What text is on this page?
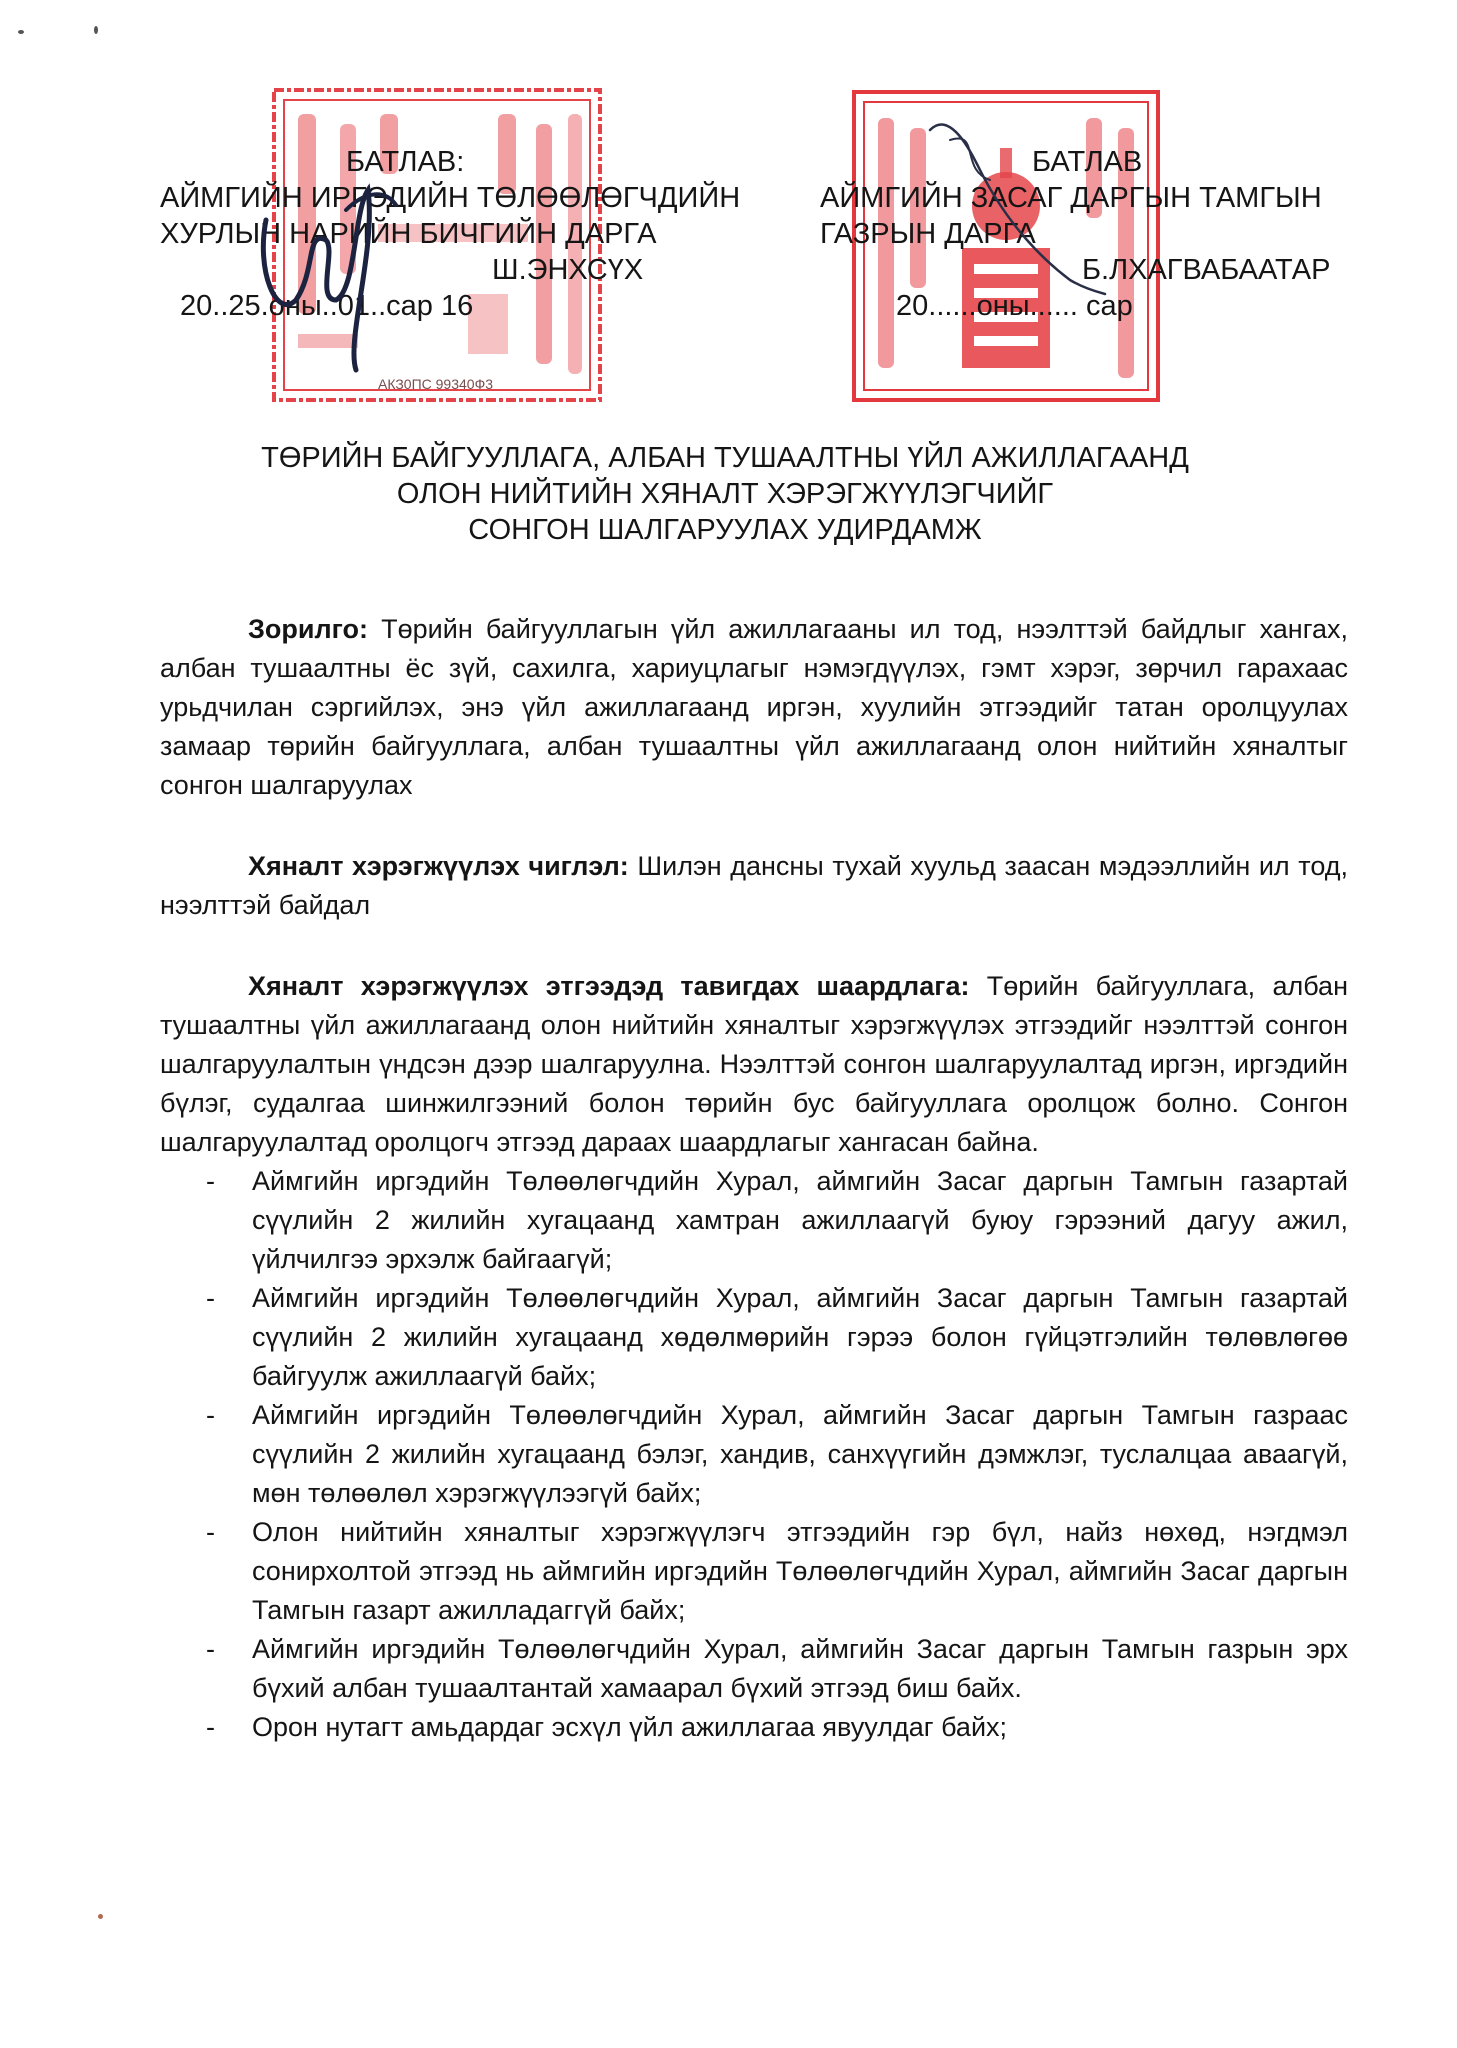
АКЗ0ПС 99340Ф3
БАТЛАВ:
АЙМГИЙН ИРГЭДИЙН ТӨЛӨӨЛӨГЧДИЙН
ХУРЛЫН НАРИЙН БИЧГИЙН ДАРГА
Ш.ЭНХСҮХ
20..25.оны..01..сар 16
БАТЛАВ
АЙМГИЙН ЗАСАГ ДАРГЫН ТАМГЫН
ГАЗРЫН ДАРГА
Б.ЛХАГВАБААТАР
20......оны...... сар
ТӨРИЙН БАЙГУУЛЛАГА, АЛБАН ТУШААЛТНЫ ҮЙЛ АЖИЛЛАГААНД
ОЛОН НИЙТИЙН ХЯНАЛТ ХЭРЭГЖҮҮЛЭГЧИЙГ
СОНГОН ШАЛГАРУУЛАХ УДИРДАМЖ

Зорилго: Төрийн байгууллагын үйл ажиллагааны ил тод, нээлттэй байдлыг хангах, албан тушаалтны ёс зүй, сахилга, хариуцлагыг нэмэгдүүлэх, гэмт хэрэг, зөрчил гарахаас урьдчилан сэргийлэх, энэ үйл ажиллагаанд иргэн, хуулийн этгээдийг татан оролцуулах замаар төрийн байгууллага, албан тушаалтны үйл ажиллагаанд олон нийтийн хяналтыг сонгон шалгаруулах

Хяналт хэрэгжүүлэх чиглэл: Шилэн дансны тухай хуульд заасан мэдээллийн ил тод, нээлттэй байдал

Хяналт хэрэгжүүлэх этгээдэд тавигдах шаардлага: Төрийн байгууллага, албан тушаалтны үйл ажиллагаанд олон нийтийн хяналтыг хэрэгжүүлэх этгээдийг нээлттэй сонгон шалгаруулалтын үндсэн дээр шалгаруулна. Нээлттэй сонгон шалгаруулалтад иргэн, иргэдийн бүлэг, судалгаа шинжилгээний болон төрийн бус байгууллага оролцож болно. Сонгон шалгаруулалтад оролцогч этгээд дараах шаардлагыг хангасан байна.

- Аймгийн иргэдийн Төлөөлөгчдийн Хурал, аймгийн Засаг даргын Тамгын газартай сүүлийн 2 жилийн хугацаанд хамтран ажиллаагүй буюу гэрээний дагуу ажил, үйлчилгээ эрхэлж байгаагүй;
- Аймгийн иргэдийн Төлөөлөгчдийн Хурал, аймгийн Засаг даргын Тамгын газартай сүүлийн 2 жилийн хугацаанд хөдөлмөрийн гэрээ болон гүйцэтгэлийн төлөвлөгөө байгуулж ажиллаагүй байх;
- Аймгийн иргэдийн Төлөөлөгчдийн Хурал, аймгийн Засаг даргын Тамгын газраас сүүлийн 2 жилийн хугацаанд бэлэг, хандив, санхүүгийн дэмжлэг, туслалцаа аваагүй, мөн төлөөлөл хэрэгжүүлээгүй байх;
- Олон нийтийн хяналтыг хэрэгжүүлэгч этгээдийн гэр бүл, найз нөхөд, нэгдмэл сонирхолтой этгээд нь аймгийн иргэдийн Төлөөлөгчдийн Хурал, аймгийн Засаг даргын Тамгын газарт ажилладаггүй байх;
- Аймгийн иргэдийн Төлөөлөгчдийн Хурал, аймгийн Засаг даргын Тамгын газрын эрх бүхий албан тушаалтантай хамаарал бүхий этгээд биш байх.
- Орон нутагт амьдардаг эсхүл үйл ажиллагаа явуулдаг байх;
